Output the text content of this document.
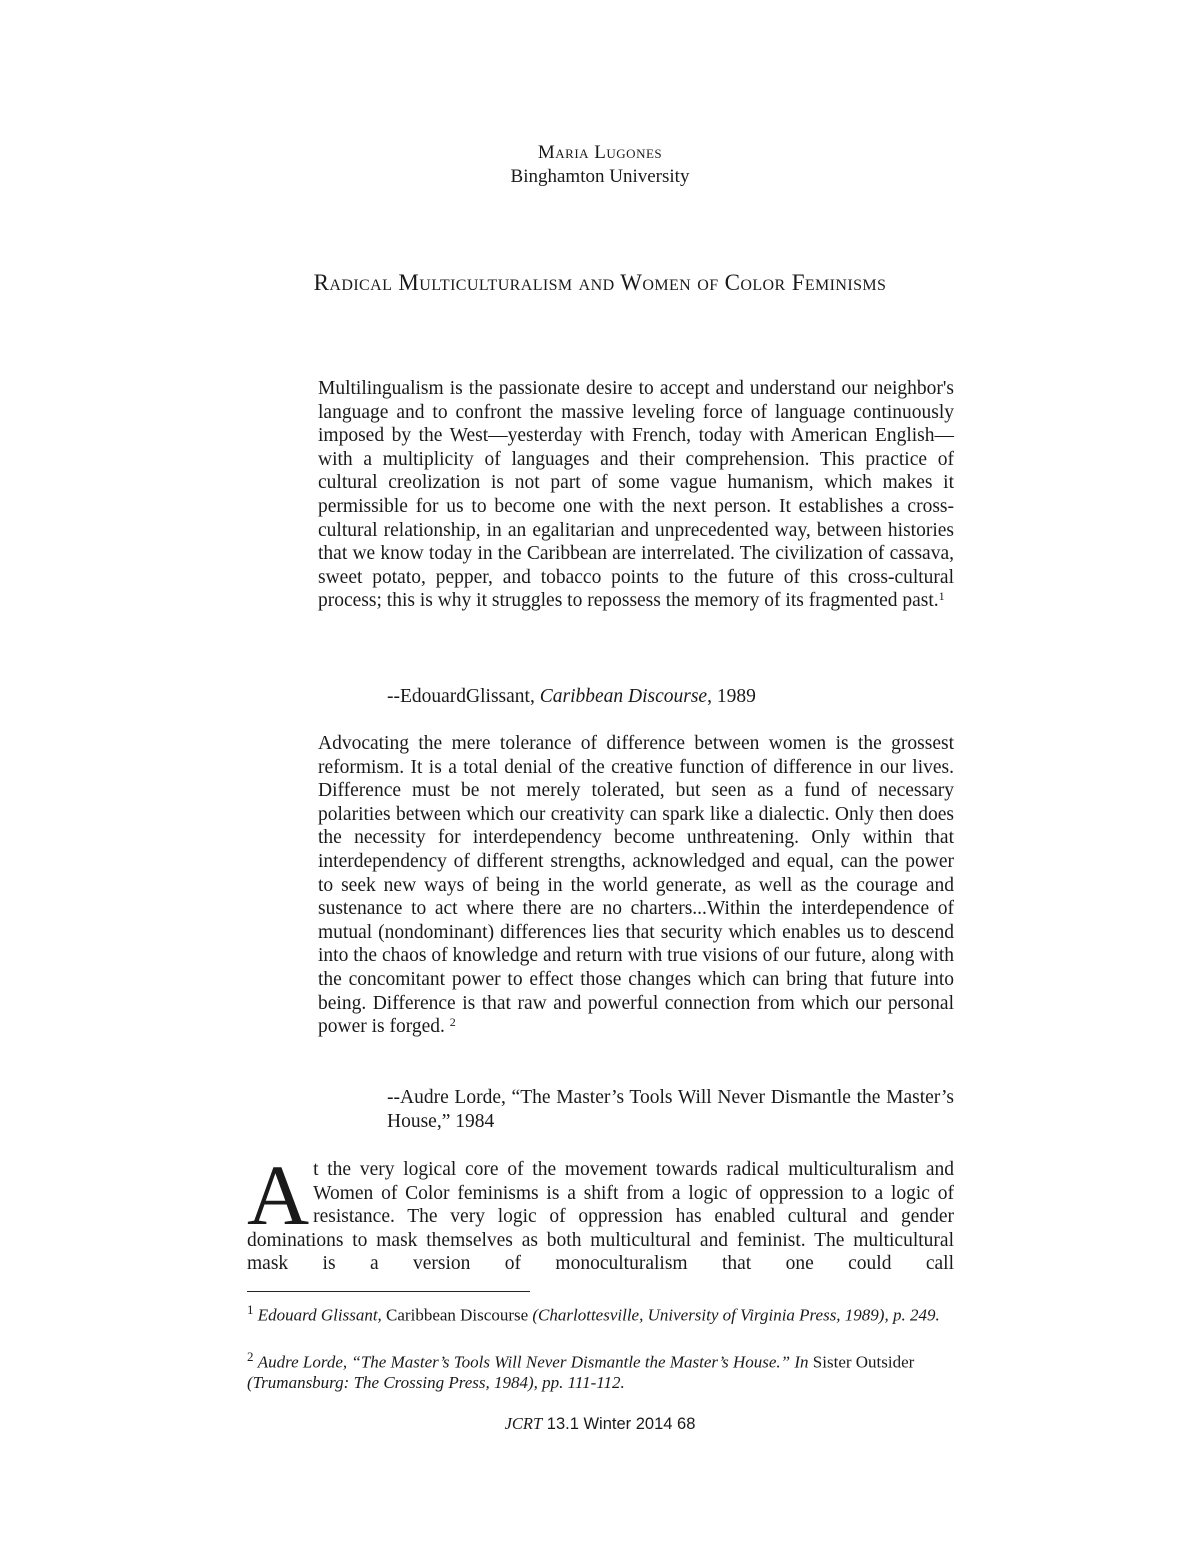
Maria Lugones
Binghamton University
Radical Multiculturalism and Women of Color Feminisms
Multilingualism is the passionate desire to accept and understand our neighbor's language and to confront the massive leveling force of language continuously imposed by the West—yesterday with French, today with American English—with a multiplicity of languages and their comprehension. This practice of cultural creolization is not part of some vague humanism, which makes it permissible for us to become one with the next person. It establishes a cross-cultural relationship, in an egalitarian and unprecedented way, between histories that we know today in the Caribbean are interrelated. The civilization of cassava, sweet potato, pepper, and tobacco points to the future of this cross-cultural process; this is why it struggles to repossess the memory of its fragmented past.$^1$
--EdouardGlissant, Caribbean Discourse, 1989
Advocating the mere tolerance of difference between women is the grossest reformism. It is a total denial of the creative function of difference in our lives. Difference must be not merely tolerated, but seen as a fund of necessary polarities between which our creativity can spark like a dialectic. Only then does the necessity for interdependency become unthreatening. Only within that interdependency of different strengths, acknowledged and equal, can the power to seek new ways of being in the world generate, as well as the courage and sustenance to act where there are no charters...Within the interdependence of mutual (nondominant) differences lies that security which enables us to descend into the chaos of knowledge and return with true visions of our future, along with the concomitant power to effect those changes which can bring that future into being. Difference is that raw and powerful connection from which our personal power is forged. $^2$
--Audre Lorde, “The Master’s Tools Will Never Dismantle the Master’s House,” 1984
At the very logical core of the movement towards radical multiculturalism and Women of Color feminisms is a shift from a logic of oppression to a logic of resistance. The very logic of oppression has enabled cultural and gender dominations to mask themselves as both multicultural and feminist. The multicultural mask is a version of monoculturalism that one could call
$^1$ Edouard Glissant, Caribbean Discourse (Charlottesville, University of Virginia Press, 1989), p. 249.
$^2$ Audre Lorde, “The Master’s Tools Will Never Dismantle the Master’s House.” In Sister Outsider (Trumansburg: The Crossing Press, 1984), pp. 111-112.
JCRT 13.1 Winter 2014 68
